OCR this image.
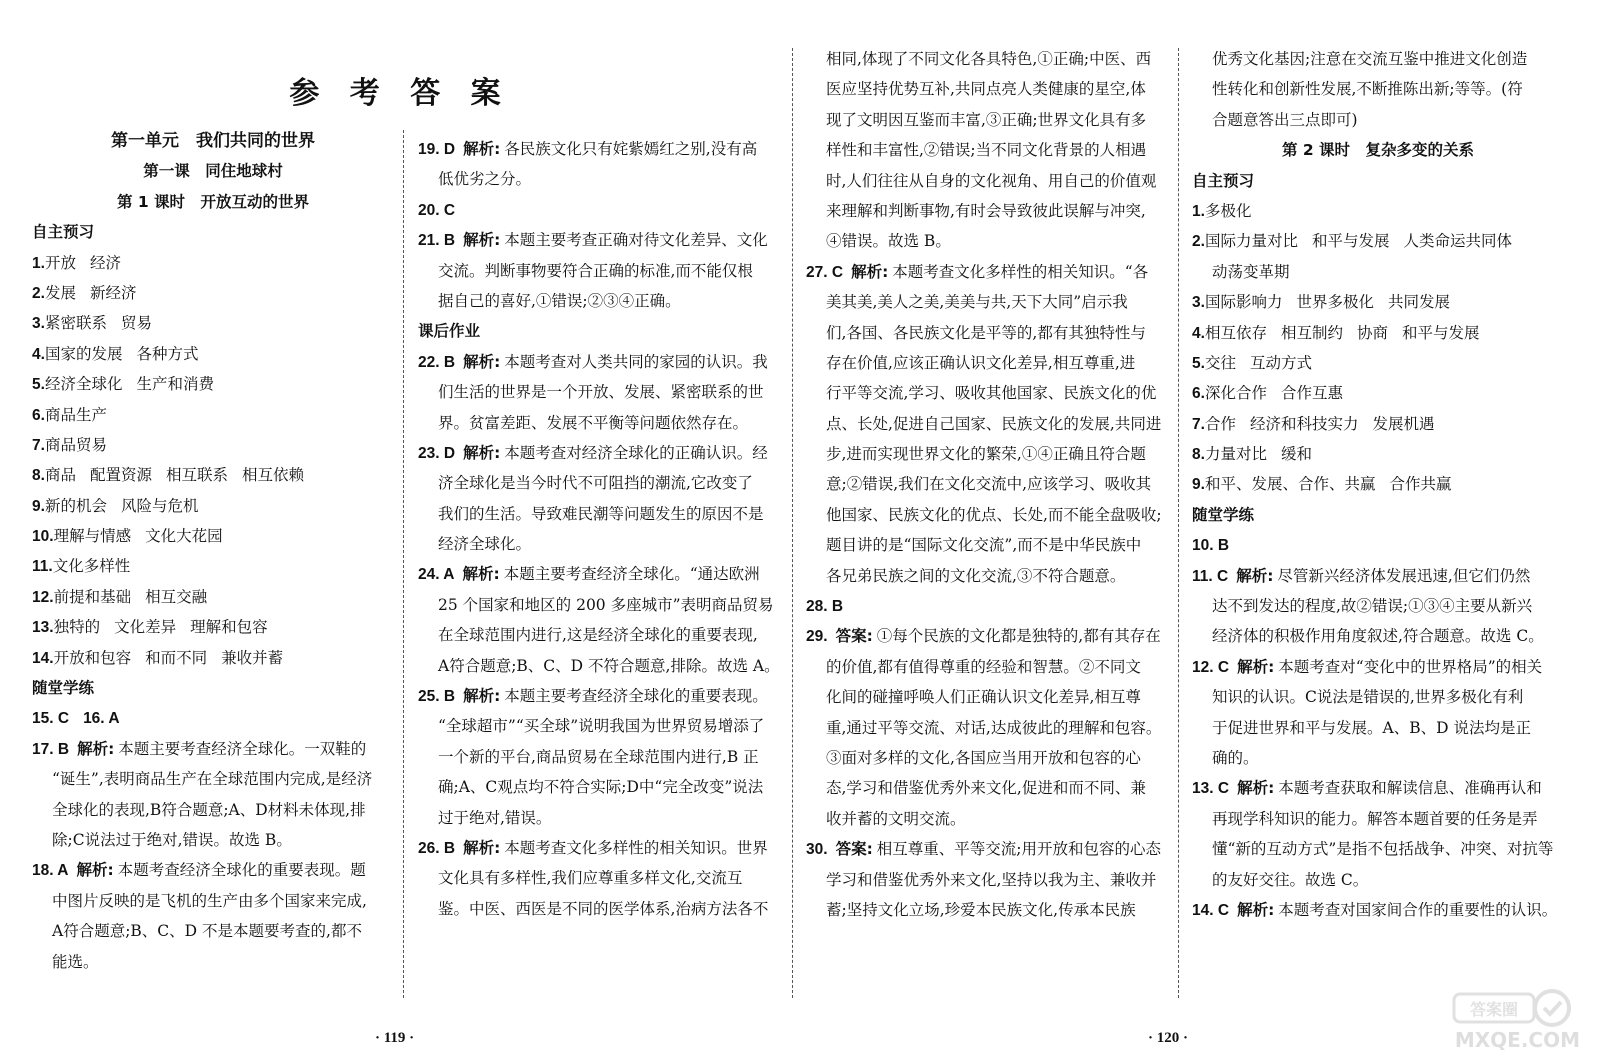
参 考 答 案
第一单元　我们共同的世界
第一课　同住地球村
第 1 课时　开放互动的世界
自主预习
1.开放 经济
2.发展 新经济
3.紧密联系 贸易
4.国家的发展 各种方式
5.经济全球化 生产和消费
6.商品生产
7.商品贸易
8.商品 配置资源 相互联系 相互依赖
9.新的机会 风险与危机
10.理解与情感 文化大花园
11.文化多样性
12.前提和基础 相互交融
13.独特的 文化差异 理解和包容
14.开放和包容 和而不同 兼收并蓄
随堂学练
15. C 16. A
17. B 解析: 本题主要考查经济全球化。一双鞋的
“诞生”,表明商品生产在全球范围内完成,是经济
全球化的表现,B符合题意;A、D材料未体现,排
除;C说法过于绝对,错误。故选 B。
18. A 解析: 本题考查经济全球化的重要表现。题
中图片反映的是飞机的生产由多个国家来完成,
A符合题意;B、C、D 不是本题要考查的,都不
能选。
19. D 解析: 各民族文化只有姹紫嫣红之别,没有高
低优劣之分。
20. C
21. B 解析: 本题主要考查正确对待文化差异、文化
交流。判断事物要符合正确的标准,而不能仅根
据自己的喜好,①错误;②③④正确。
课后作业
22. B 解析: 本题考查对人类共同的家园的认识。我
们生活的世界是一个开放、发展、紧密联系的世
界。贫富差距、发展不平衡等问题依然存在。
23. D 解析: 本题考查对经济全球化的正确认识。经
济全球化是当今时代不可阻挡的潮流,它改变了
我们的生活。导致难民潮等问题发生的原因不是
经济全球化。
24. A 解析: 本题主要考查经济全球化。“通达欧洲
25 个国家和地区的 200 多座城市”表明商品贸易
在全球范围内进行,这是经济全球化的重要表现,
A符合题意;B、C、D 不符合题意,排除。故选 A。
25. B 解析: 本题主要考查经济全球化的重要表现。
“全球超市”“买全球”说明我国为世界贸易增添了
一个新的平台,商品贸易在全球范围内进行,B 正
确;A、C观点均不符合实际;D中“完全改变”说法
过于绝对,错误。
26. B 解析: 本题考查文化多样性的相关知识。世界
文化具有多样性,我们应尊重多样文化,交流互
鉴。中医、西医是不同的医学体系,治病方法各不
相同,体现了不同文化各具特色,①正确;中医、西
医应坚持优势互补,共同点亮人类健康的星空,体
现了文明因互鉴而丰富,③正确;世界文化具有多
样性和丰富性,②错误;当不同文化背景的人相遇
时,人们往往从自身的文化视角、用自己的价值观
来理解和判断事物,有时会导致彼此误解与冲突,
④错误。故选 B。
27. C 解析: 本题考查文化多样性的相关知识。“各
美其美,美人之美,美美与共,天下大同”启示我
们,各国、各民族文化是平等的,都有其独特性与
存在价值,应该正确认识文化差异,相互尊重,进
行平等交流,学习、吸收其他国家、民族文化的优
点、长处,促进自己国家、民族文化的发展,共同进
步,进而实现世界文化的繁荣,①④正确且符合题
意;②错误,我们在文化交流中,应该学习、吸收其
他国家、民族文化的优点、长处,而不能全盘吸收;
题目讲的是“国际文化交流”,而不是中华民族中
各兄弟民族之间的文化交流,③不符合题意。
28. B
29. 答案: ①每个民族的文化都是独特的,都有其存在
的价值,都有值得尊重的经验和智慧。②不同文
化间的碰撞呼唤人们正确认识文化差异,相互尊
重,通过平等交流、对话,达成彼此的理解和包容。
③面对多样的文化,各国应当用开放和包容的心
态,学习和借鉴优秀外来文化,促进和而不同、兼
收并蓄的文明交流。
30. 答案: 相互尊重、平等交流;用开放和包容的心态
学习和借鉴优秀外来文化,坚持以我为主、兼收并
蓄;坚持文化立场,珍爱本民族文化,传承本民族
优秀文化基因;注意在交流互鉴中推进文化创造
性转化和创新性发展,不断推陈出新;等等。(符
合题意答出三点即可)
第 2 课时　复杂多变的关系
自主预习
1.多极化
2.国际力量对比 和平与发展 人类命运共同体
动荡变革期
3.国际影响力 世界多极化 共同发展
4.相互依存 相互制约 协商 和平与发展
5.交往 互动方式
6.深化合作 合作互惠
7.合作 经济和科技实力 发展机遇
8.力量对比 缓和
9.和平、发展、合作、共赢 合作共赢
随堂学练
10. B
11. C 解析: 尽管新兴经济体发展迅速,但它们仍然
达不到发达的程度,故②错误;①③④主要从新兴
经济体的积极作用角度叙述,符合题意。故选 C。
12. C 解析: 本题考查对“变化中的世界格局”的相关
知识的认识。C说法是错误的,世界多极化有利
于促进世界和平与发展。A、B、D 说法均是正
确的。
13. C 解析: 本题考查获取和解读信息、准确再认和
再现学科知识的能力。解答本题首要的任务是弄
懂“新的互动方式”是指不包括战争、冲突、对抗等
的友好交往。故选 C。
14. C 解析: 本题考查对国家间合作的重要性的认识。
· 119 ·	· 120 ·
答案圈
MXQE.COM
